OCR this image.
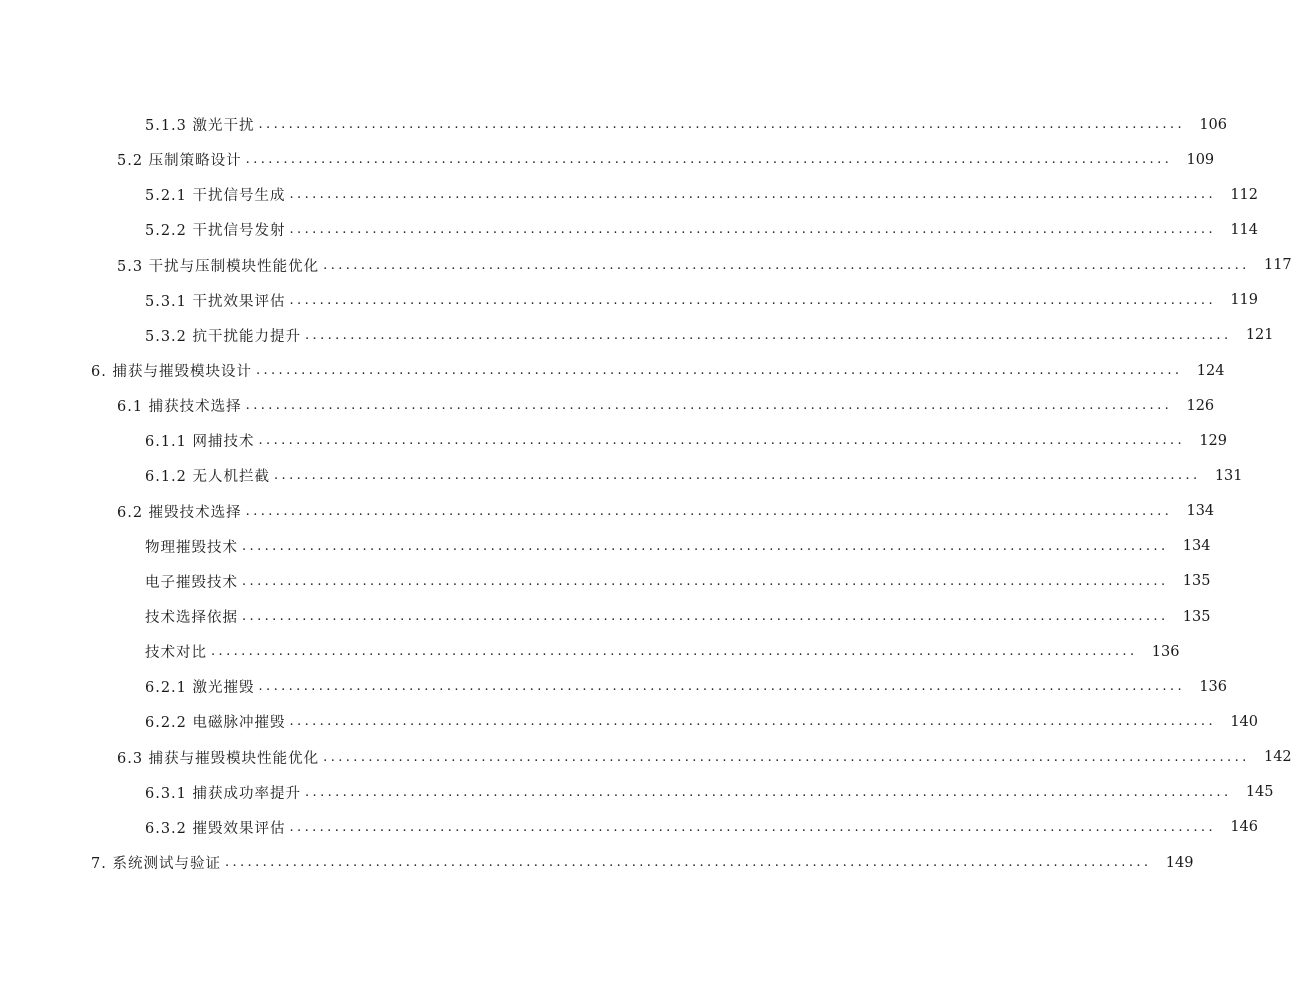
5.1.3 激光干扰 ........................................................................................................................... 106
5.2 压制策略设计 ........................................................................................................................... 109
5.2.1 干扰信号生成 ........................................................................................................................... 112
5.2.2 干扰信号发射 ........................................................................................................................... 114
5.3 干扰与压制模块性能优化 ........................................................................................................................... 117
5.3.1 干扰效果评估 ........................................................................................................................... 119
5.3.2 抗干扰能力提升 ........................................................................................................................... 121
6. 捕获与摧毁模块设计 ........................................................................................................................... 124
6.1 捕获技术选择 ........................................................................................................................... 126
6.1.1 网捕技术 ........................................................................................................................... 129
6.1.2 无人机拦截 ........................................................................................................................... 131
6.2 摧毁技术选择 ........................................................................................................................... 134
物理摧毁技术 ........................................................................................................................... 134
电子摧毁技术 ........................................................................................................................... 135
技术选择依据 ........................................................................................................................... 135
技术对比 ........................................................................................................................... 136
6.2.1 激光摧毁 ........................................................................................................................... 136
6.2.2 电磁脉冲摧毁 ........................................................................................................................... 140
6.3 捕获与摧毁模块性能优化 ........................................................................................................................... 142
6.3.1 捕获成功率提升 ........................................................................................................................... 145
6.3.2 摧毁效果评估 ........................................................................................................................... 146
7. 系统测试与验证 ........................................................................................................................... 149
